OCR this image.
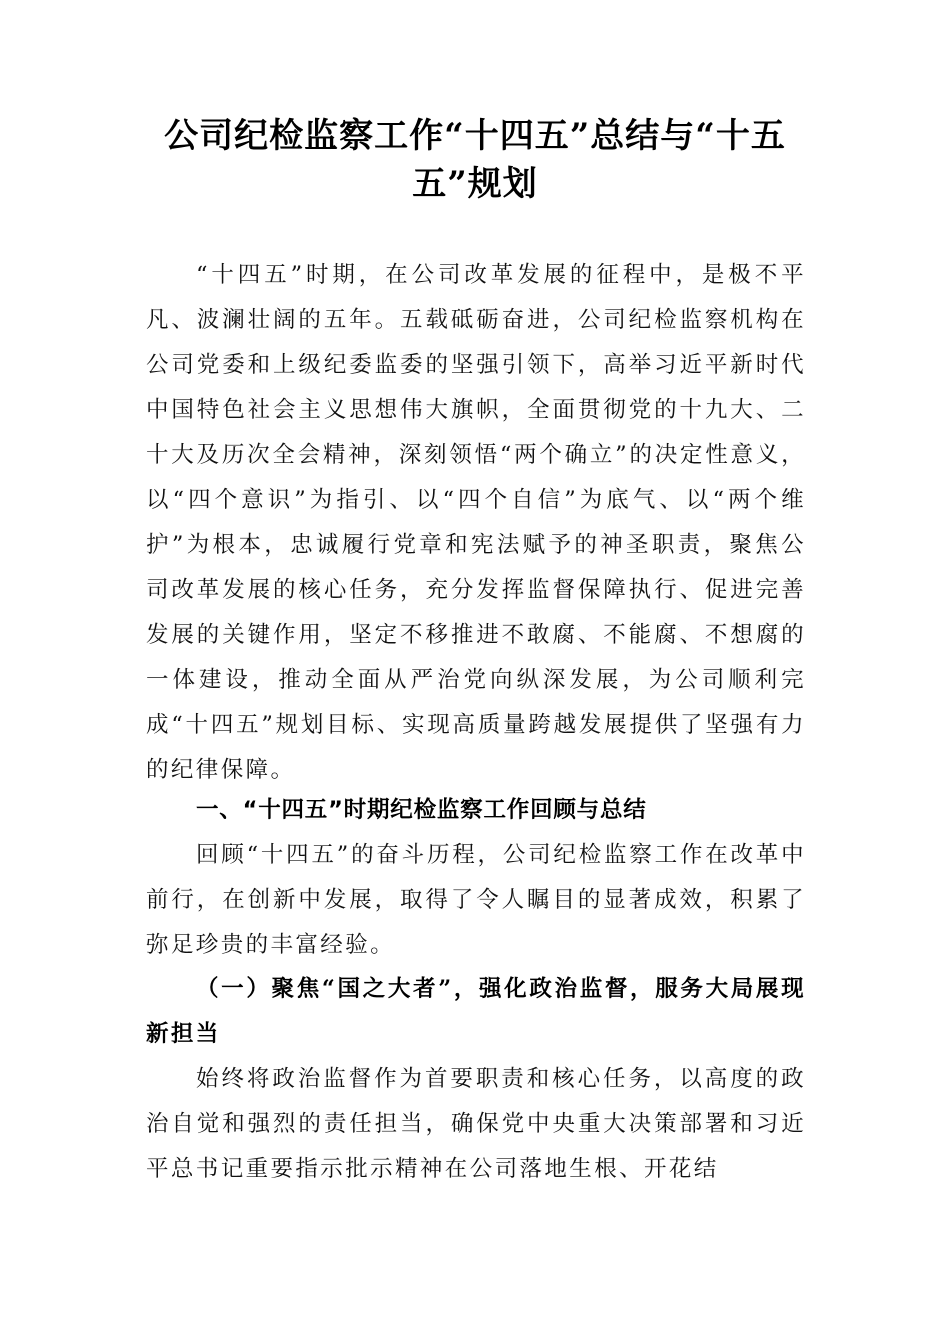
公司纪检监察工作“十四五”总结与“十五五”规划

“十四五”时期，在公司改革发展的征程中，是极不平凡、波澜壮阔的五年。五载砥砺奋进，公司纪检监察机构在公司党委和上级纪委监委的坚强引领下，高举习近平新时代中国特色社会主义思想伟大旗帜，全面贯彻党的十九大、二十大及历次全会精神，深刻领悟“两个确立”的决定性意义，以“四个意识”为指引、以“四个自信”为底气、以“两个维护”为根本，忠诚履行党章和宪法赋予的神圣职责，聚焦公司改革发展的核心任务，充分发挥监督保障执行、促进完善发展的关键作用，坚定不移推进不敢腐、不能腐、不想腐的一体建设，推动全面从严治党向纵深发展，为公司顺利完成“十四五”规划目标、实现高质量跨越发展提供了坚强有力的纪律保障。

一、“十四五”时期纪检监察工作回顾与总结

回顾“十四五”的奋斗历程，公司纪检监察工作在改革中前行，在创新中发展，取得了令人瞩目的显著成效，积累了弥足珍贵的丰富经验。

（一）聚焦“国之大者”，强化政治监督，服务大局展现新担当

始终将政治监督作为首要职责和核心任务，以高度的政治自觉和强烈的责任担当，确保党中央重大决策部署和习近平总书记重要指示批示精神在公司落地生根、开花结
